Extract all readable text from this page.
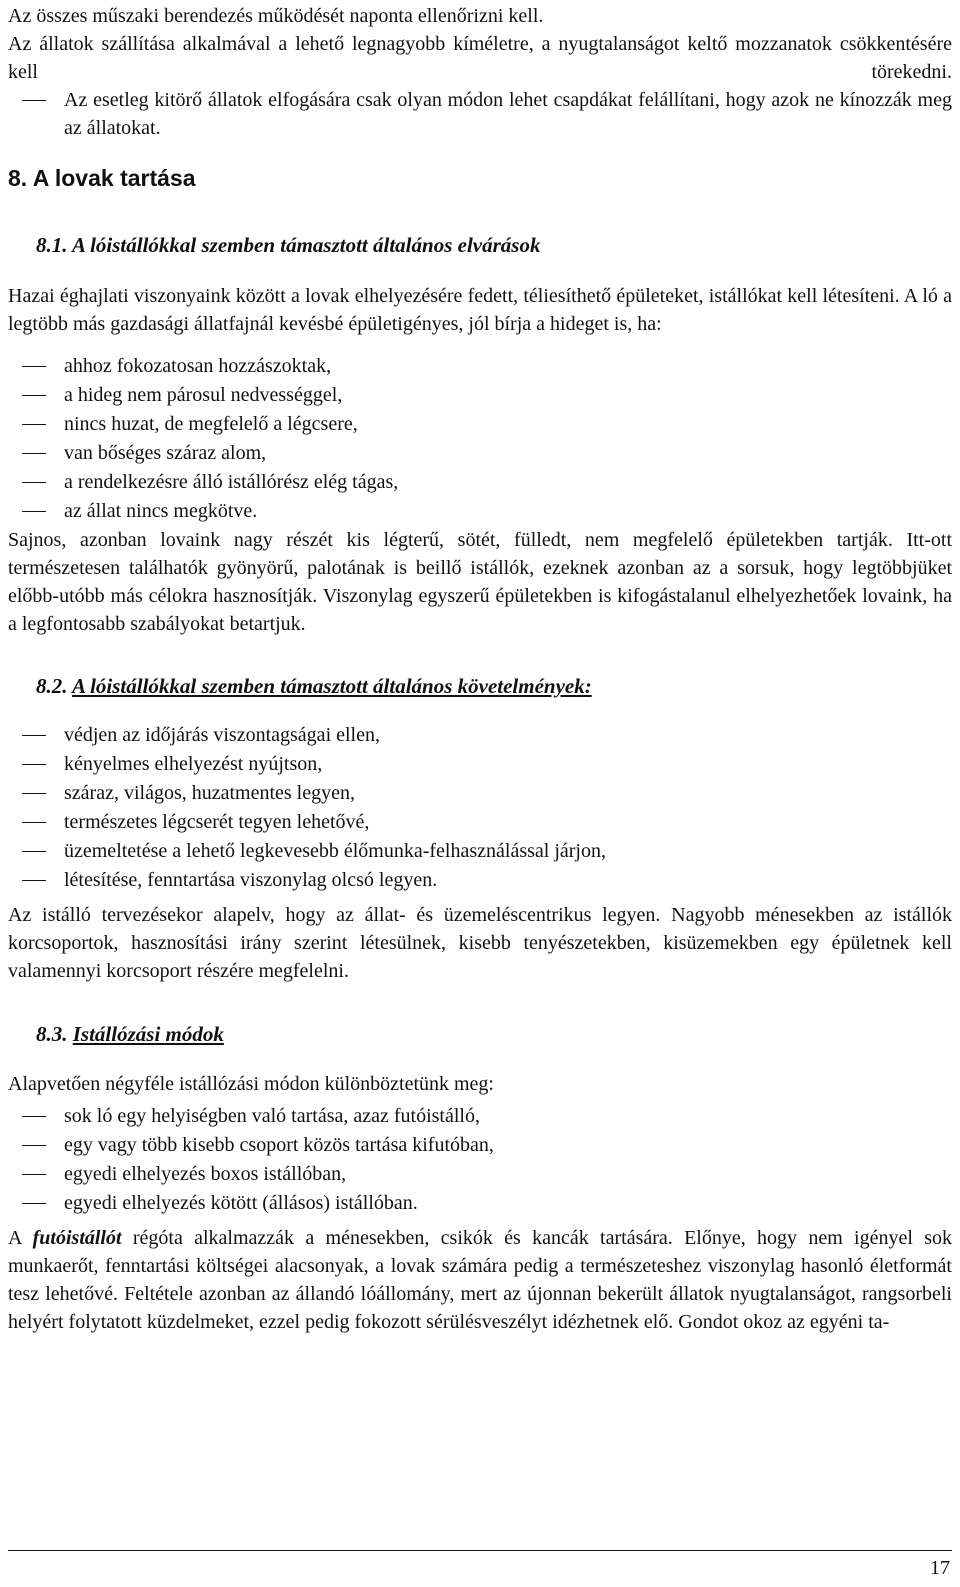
Az összes műszaki berendezés működését naponta ellenőrizni kell.

Az állatok szállítása alkalmával a lehető legnagyobb kíméletre, a nyugtalanságot keltő mozzanatok csökkentésére kell törekedni.

Az esetleg kitörő állatok elfogására csak olyan módon lehet csapdákat felállítani, hogy azok ne kínozzák meg az állatokat.

8. A lovak tartása
8.1. A lóistállókkal szemben támasztott általános elvárások

Hazai éghajlati viszonyaink között a lovak elhelyezésére fedett, téliesíthető épületeket, istállókat kell létesíteni. A ló a legtöbb más gazdasági állatfajnál kevésbé épületigényes, jól bírja a hideget is, ha:

ahhoz fokozatosan hozzászoktak,
a hideg nem párosul nedvességgel,
nincs huzat, de megfelelő a légcsere,
van bőséges száraz alom,
a rendelkezésre álló istállórész elég tágas,
az állat nincs megkötve.

Sajnos, azonban lovaink nagy részét kis légterű, sötét, fülledt, nem megfelelő épületekben tartják. Itt-ott természetesen találhatók gyönyörű, palotának is beillő istállók, ezeknek azonban az a sorsuk, hogy legtöbbjüket előbb-utóbb más célokra hasznosítják. Viszonylag egyszerű épületekben is kifogástalanul elhelyezhetőek lovaink, ha a legfontosabb szabályokat betartjuk.

8.2. A lóistállókkal szemben támasztott általános követelmények:
védjen az időjárás viszontagságai ellen,
kényelmes elhelyezést nyújtson,
száraz, világos, huzatmentes legyen,
természetes légcserét tegyen lehetővé,
üzemeltetése a lehető legkevesebb élőmunka-felhasználással járjon,
létesítése, fenntartása viszonylag olcsó legyen.

Az istálló tervezésekor alapelv, hogy az állat- és üzemeléscentrikus legyen. Nagyobb ménesekben az istállók korcsoportok, hasznosítási irány szerint létesülnek, kisebb tenyészetekben, kisüzemekben egy épületnek kell valamennyi korcsoport részére megfelelni.

8.3. Istállózási módok

Alapvetően négyféle istállózási módon különböztetünk meg:

sok ló egy helyiségben való tartása, azaz futóistálló,
egy vagy több kisebb csoport közös tartása kifutóban,
egyedi elhelyezés boxos istállóban,
egyedi elhelyezés kötött (állásos) istállóban.

A futóistállót régóta alkalmazzák a ménesekben, csikók és kancák tartására. Előnye, hogy nem igényel sok munkaerőt, fenntartási költségei alacsonyak, a lovak számára pedig a természeteshez viszonylag hasonló életformát tesz lehetővé. Feltétele azonban az állandó lóállomány, mert az újonnan bekerült állatok nyugtalanságot, rangsorbeli helyért folytatott küzdelmeket, ezzel pedig fokozott sérülésveszélyt idézhetnek elő. Gondot okoz az egyéni ta-

17
